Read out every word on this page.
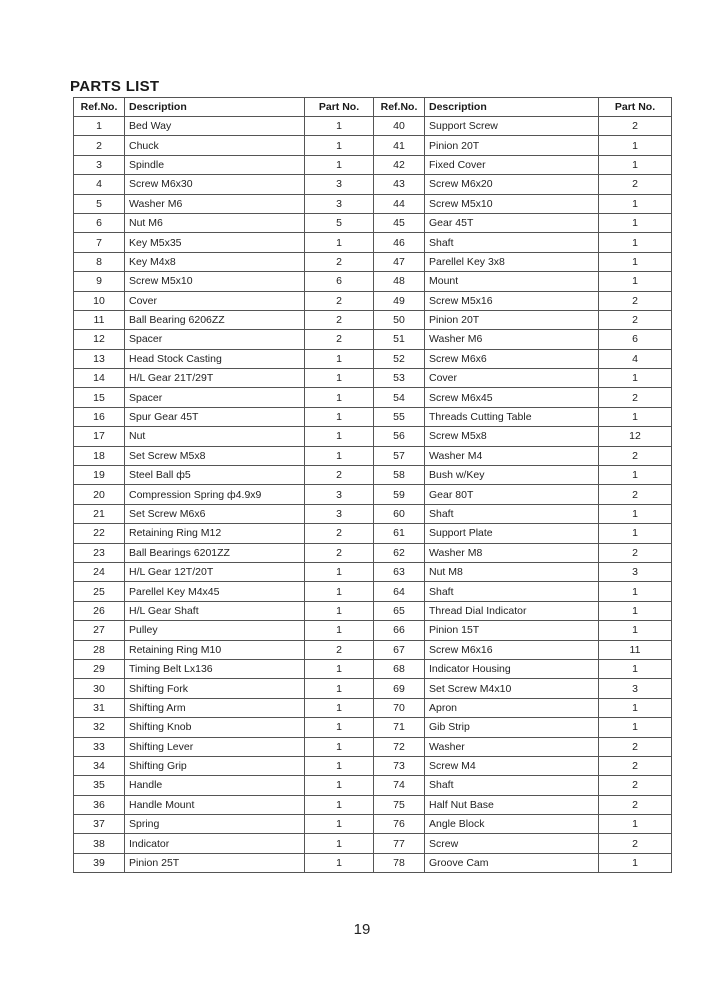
PARTS LIST
Ref.No.	Description	Part No.	Ref.No.	Description	Part No.
1	Bed Way	1	40	Support Screw	2
2	Chuck	1	41	Pinion 20T	1
3	Spindle	1	42	Fixed Cover	1
4	Screw M6x30	3	43	Screw M6x20	2
5	Washer M6	3	44	Screw M5x10	1
6	Nut M6	5	45	Gear 45T	1
7	Key M5x35	1	46	Shaft	1
8	Key M4x8	2	47	Parellel Key 3x8	1
9	Screw M5x10	6	48	Mount	1
10	Cover	2	49	Screw M5x16	2
11	Ball Bearing 6206ZZ	2	50	Pinion 20T	2
12	Spacer	2	51	Washer M6	6
13	Head Stock Casting	1	52	Screw M6x6	4
14	H/L Gear 21T/29T	1	53	Cover	1
15	Spacer	1	54	Screw M6x45	2
16	Spur Gear 45T	1	55	Threads Cutting Table	1
17	Nut	1	56	Screw M5x8	12
18	Set Screw M5x8	1	57	Washer M4	2
19	Steel Ball ф5	2	58	Bush w/Key	1
20	Compression Spring ф4.9x9	3	59	Gear 80T	2
21	Set Screw M6x6	3	60	Shaft	1
22	Retaining Ring M12	2	61	Support Plate	1
23	Ball Bearings 6201ZZ	2	62	Washer M8	2
24	H/L Gear 12T/20T	1	63	Nut M8	3
25	Parellel Key M4x45	1	64	Shaft	1
26	H/L Gear Shaft	1	65	Thread Dial Indicator	1
27	Pulley	1	66	Pinion 15T	1
28	Retaining Ring M10	2	67	Screw M6x16	11
29	Timing Belt Lx136	1	68	Indicator Housing	1
30	Shifting Fork	1	69	Set Screw M4x10	3
31	Shifting Arm	1	70	Apron	1
32	Shifting Knob	1	71	Gib Strip	1
33	Shifting Lever	1	72	Washer	2
34	Shifting Grip	1	73	Screw M4	2
35	Handle	1	74	Shaft	2
36	Handle Mount	1	75	Half Nut Base	2
37	Spring	1	76	Angle Block	1
38	Indicator	1	77	Screw	2
39	Pinion 25T	1	78	Groove Cam	1
19
